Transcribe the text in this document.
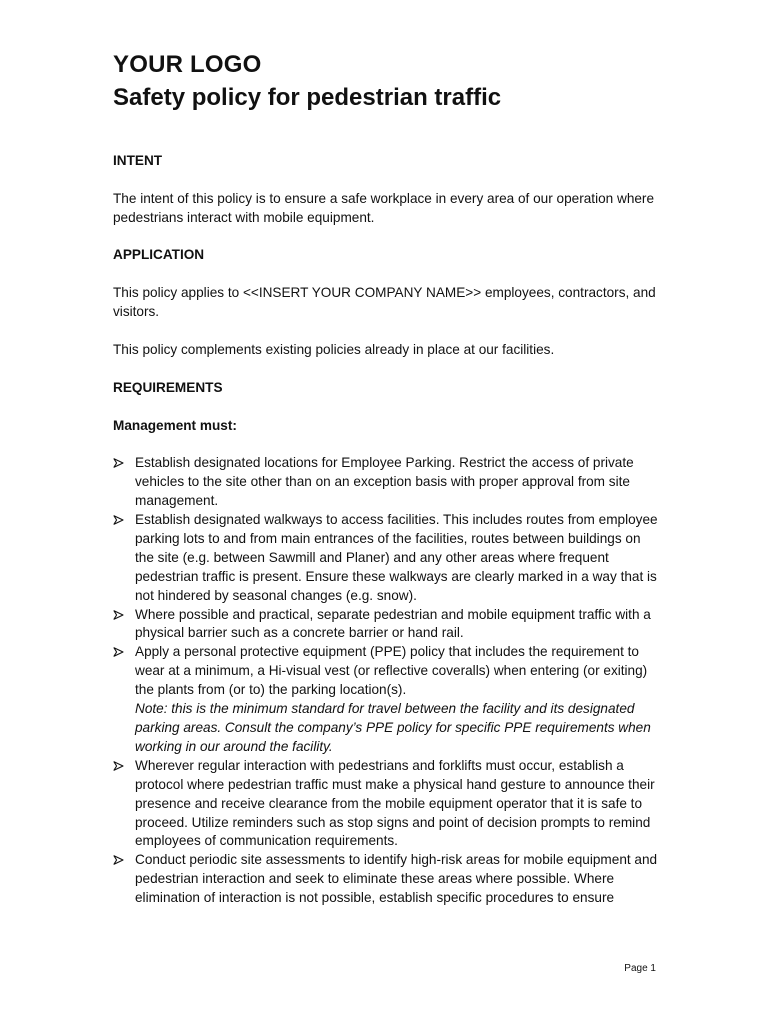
YOUR LOGO
Safety policy for pedestrian traffic

INTENT

The intent of this policy is to ensure a safe workplace in every area of our operation where pedestrians interact with mobile equipment.

APPLICATION

This policy applies to <<INSERT YOUR COMPANY NAME>> employees, contractors, and visitors.

This policy complements existing policies already in place at our facilities.

REQUIREMENTS

Management must:

Establish designated locations for Employee Parking. Restrict the access of private vehicles to the site other than on an exception basis with proper approval from site management.
Establish designated walkways to access facilities. This includes routes from employee parking lots to and from main entrances of the facilities, routes between buildings on the site (e.g. between Sawmill and Planer) and any other areas where frequent pedestrian traffic is present. Ensure these walkways are clearly marked in a way that is not hindered by seasonal changes (e.g. snow).
Where possible and practical, separate pedestrian and mobile equipment traffic with a physical barrier such as a concrete barrier or hand rail.
Apply a personal protective equipment (PPE) policy that includes the requirement to wear at a minimum, a Hi-visual vest (or reflective coveralls) when entering (or exiting) the plants from (or to) the parking location(s).
Note: this is the minimum standard for travel between the facility and its designated parking areas. Consult the company’s PPE policy for specific PPE requirements when working in our around the facility.
Wherever regular interaction with pedestrians and forklifts must occur, establish a protocol where pedestrian traffic must make a physical hand gesture to announce their presence and receive clearance from the mobile equipment operator that it is safe to proceed. Utilize reminders such as stop signs and point of decision prompts to remind employees of communication requirements.
Conduct periodic site assessments to identify high-risk areas for mobile equipment and pedestrian interaction and seek to eliminate these areas where possible. Where elimination of interaction is not possible, establish specific procedures to ensure
Page 1
